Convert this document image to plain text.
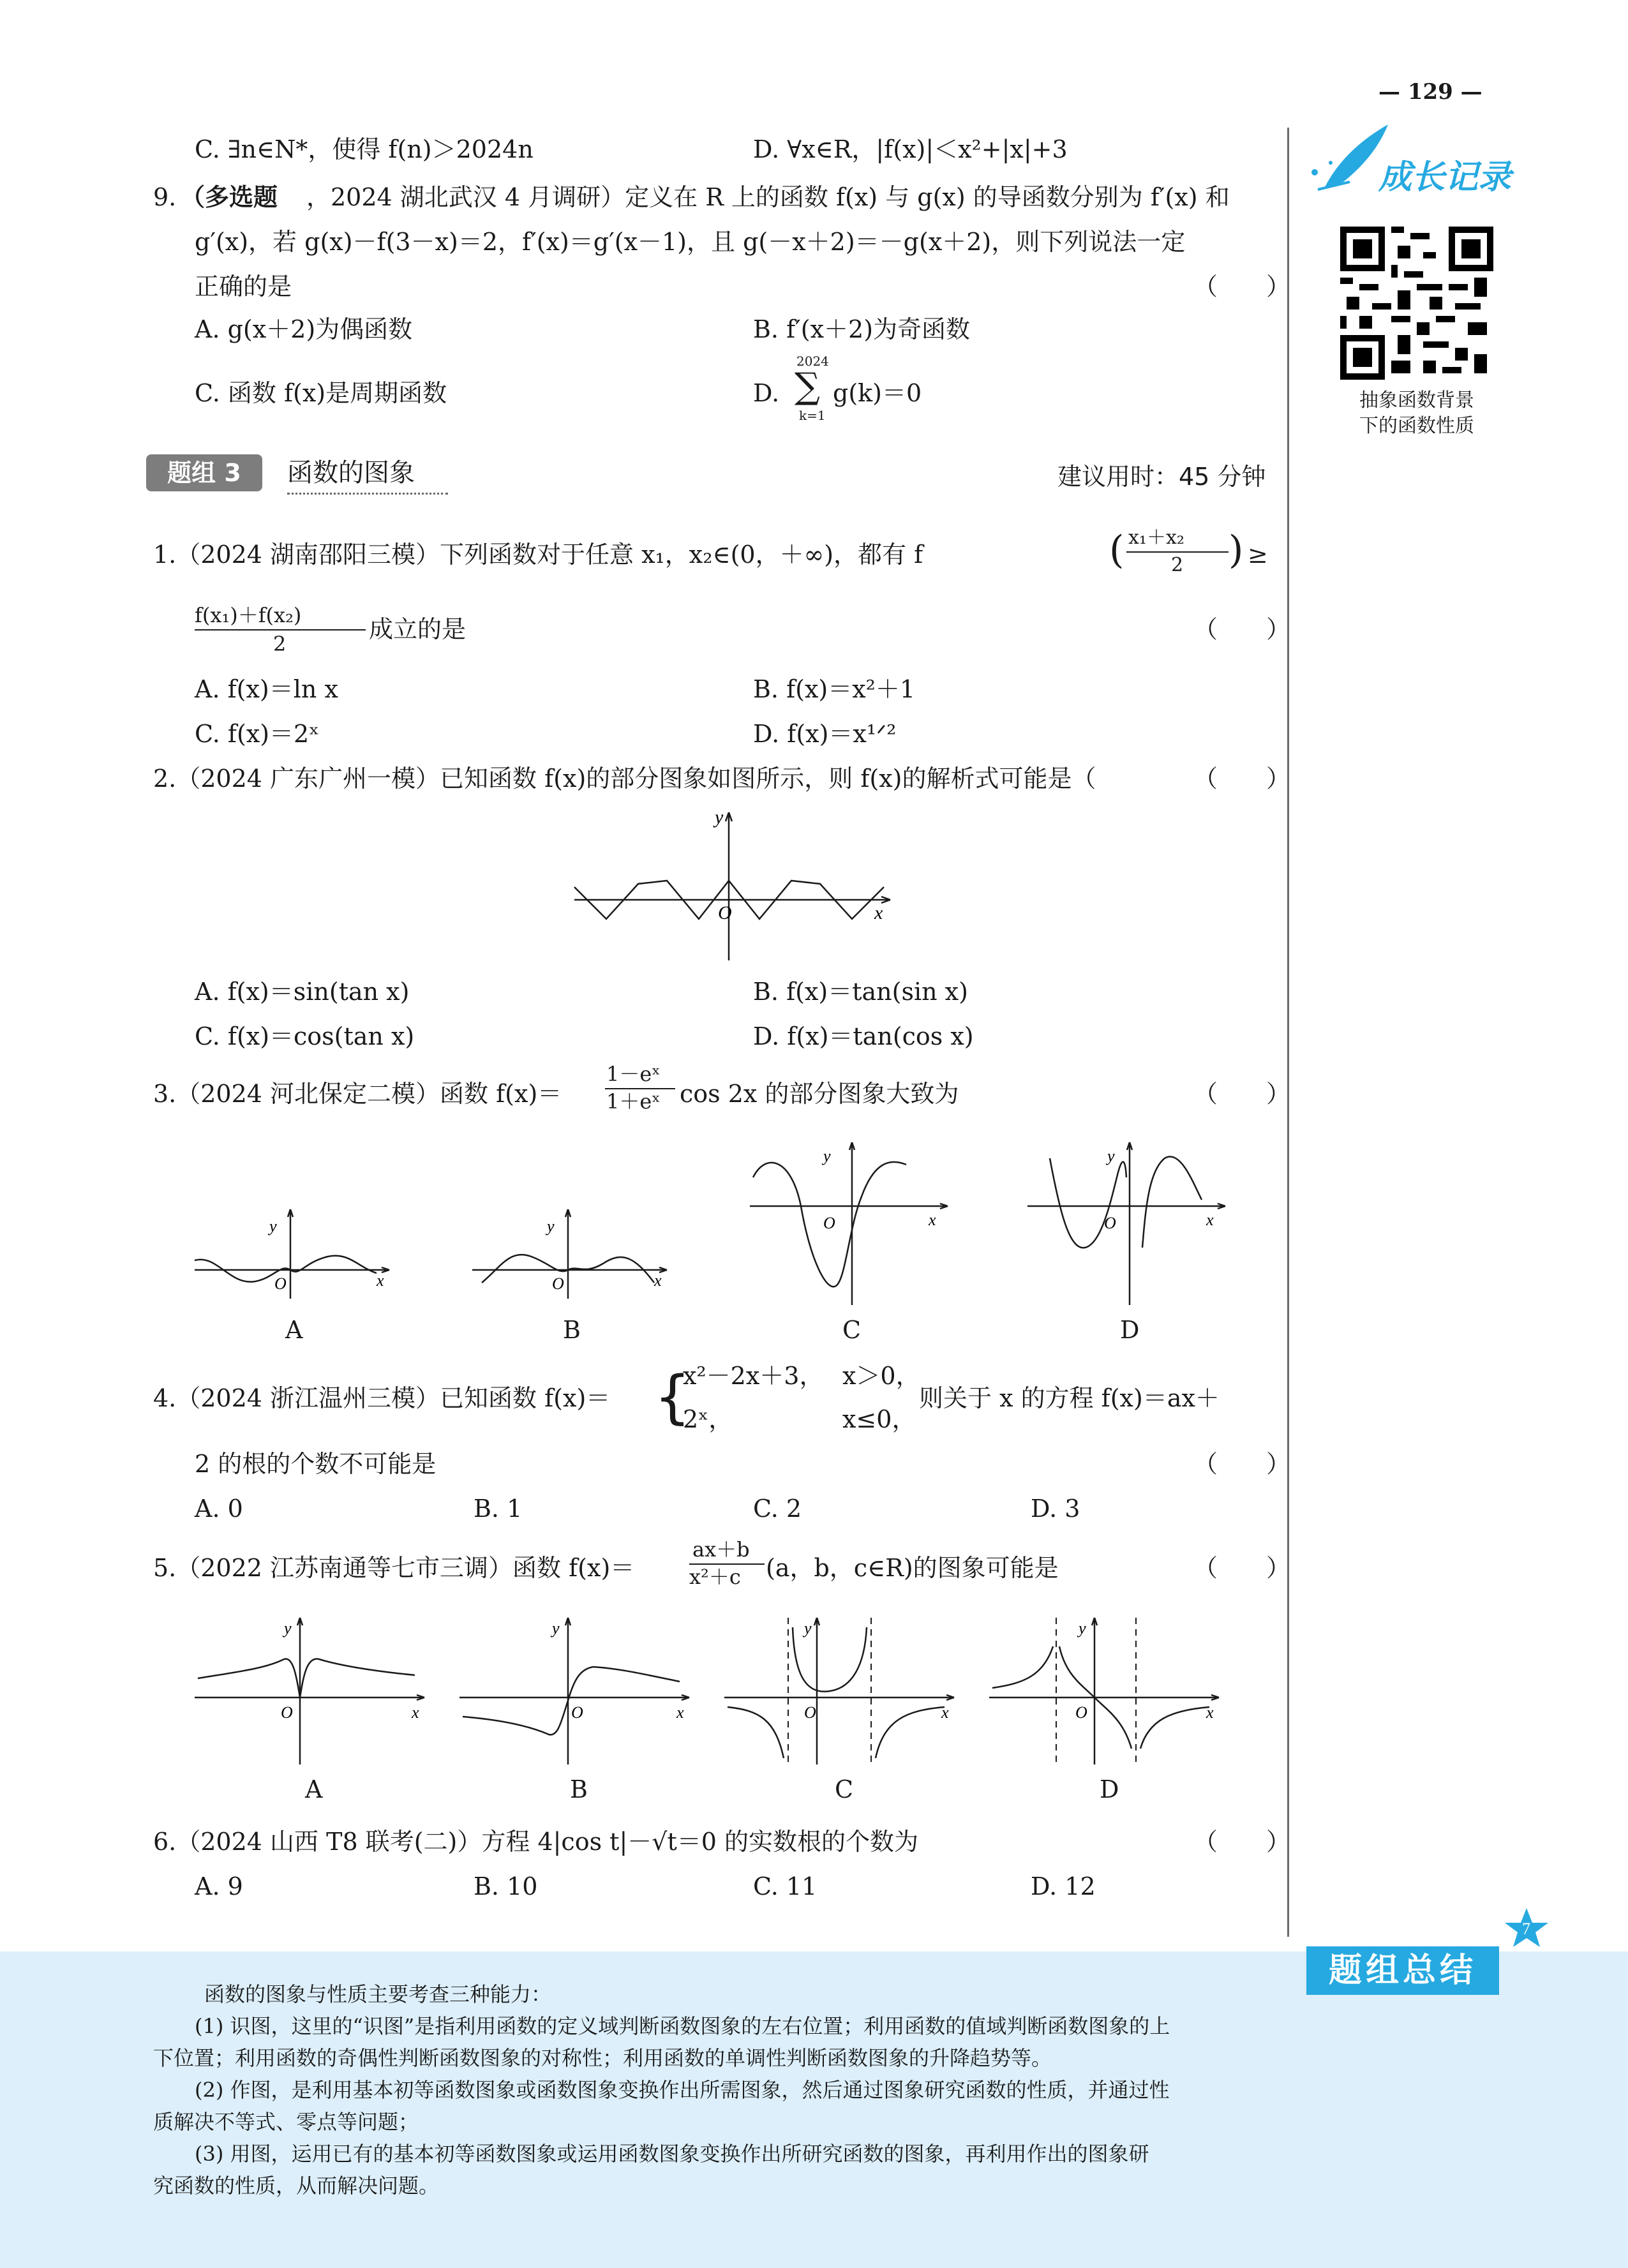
— 129 —
成长记录
抽象函数背景
下的函数性质
C. ∃n∈N*，使得 f(n)＞2024n	D. ∀x∈R，|f(x)|＜x²+|x|+3
9. （多选题 ，2024 湖北武汉 4 月调研）定义在 R 上的函数 f(x) 与 g(x) 的导函数分别为 f′(x) 和
g′(x)，若 g(x)－f(3－x)＝2，f′(x)＝g′(x－1)，且 g(－x＋2)＝－g(x＋2)，则下列说法一定
正确的是	（　　）
A. g(x＋2)为偶函数	B. f′(x＋2)为奇函数
C. 函数 f(x)是周期函数	D.
2024
∑
k=1
g(k)＝0
题组 3	函数的图象	建议用时：45 分钟
1.（2024 湖南邵阳三模）下列函数对于任意 x₁，x₂∈(0，＋∞)，都有 f	( x₁＋x₂
2 ) ≥
f(x₁)＋f(x₂)
2
成立的是	（　　）
A. f(x)＝ln x	B. f(x)＝x²＋1
C. f(x)＝2ˣ	D. f(x)＝x¹ᐟ²
2.（2024 广东广州一模）已知函数 f(x)的部分图象如图所示，则 f(x)的解析式可能是（	（　　）
O
y
x
A. f(x)＝sin(tan x)	B. f(x)＝tan(sin x)
C. f(x)＝cos(tan x)	D. f(x)＝tan(cos x)
3.（2024 河北保定二模）函数 f(x)＝
1－eˣ
1＋eˣ cos 2x 的部分图象大致为	（　　）
y
O	x
y
O	x
y
O	x
y
O	x
A	B	C	D
4.（2024 浙江温州三模）已知函数 f(x)＝ {
x²－2x＋3， x＞0，
2ˣ，	x≤0，
则关于 x 的方程 f(x)＝ax＋
2 的根的个数不可能是	（　　）
A. 0	B. 1	C. 2	D. 3
5.（2022 江苏南通等七市三调）函数 f(x)＝
ax＋b
x²＋c (a，b，c∈R)的图象可能是	（　　）
y
O	x
y
O	x
y
O	x
y
O	x
A	B	C	D
6.（2024 山西 T8 联考(二)）方程 4|cos t|－√t＝0 的实数根的个数为	（　　）
A. 9	B. 10	C. 11	D. 12
题组总结
7
函数的图象与性质主要考查三种能力：
(1) 识图，这里的“识图”是指利用函数的定义域判断函数图象的左右位置；利用函数的值域判断函数图象的上
下位置；利用函数的奇偶性判断函数图象的对称性；利用函数的单调性判断函数图象的升降趋势等。
(2) 作图，是利用基本初等函数图象或函数图象变换作出所需图象，然后通过图象研究函数的性质，并通过性
质解决不等式、零点等问题；
(3) 用图，运用已有的基本初等函数图象或运用函数图象变换作出所研究函数的图象，再利用作出的图象研
究函数的性质，从而解决问题。
